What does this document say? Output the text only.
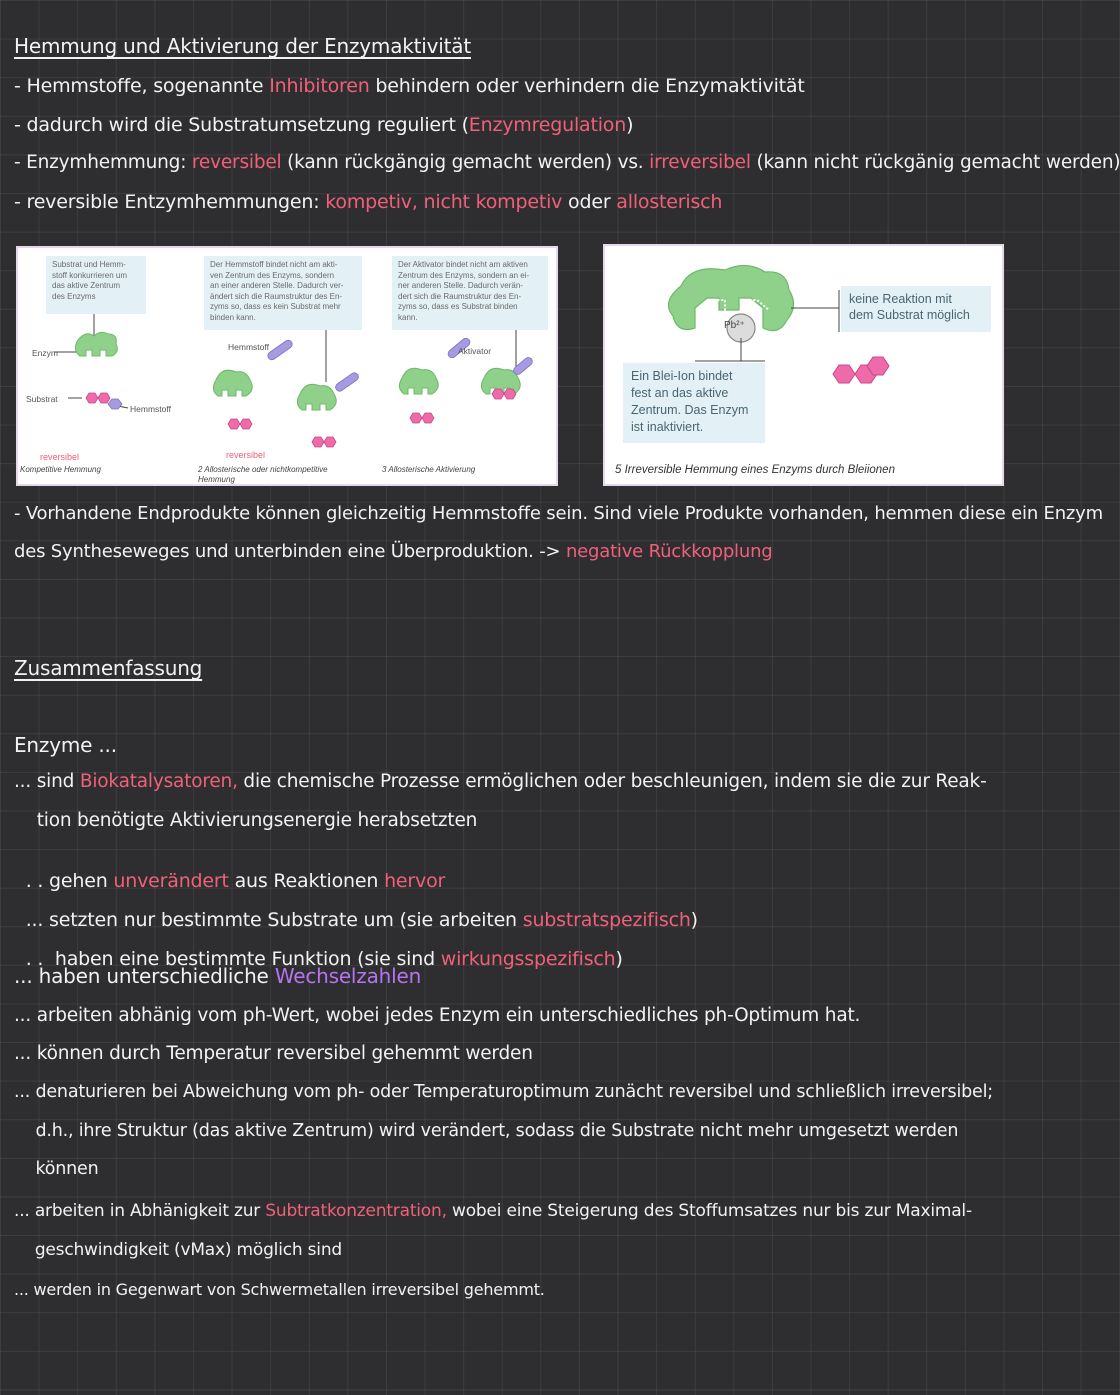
Hemmung und Aktivierung der Enzymaktivität
- Hemmstoffe, sogenannte Inhibitoren behindern oder verhindern die Enzymaktivität
- dadurch wird die Substratumsetzung reguliert (Enzymregulation)
- Enzymhemmung: reversibel (kann rückgängig gemacht werden) vs. irreversibel (kann nicht rückgänig gemacht werden)
- reversible Entzymhemmungen: kompetiv, nicht kompetiv oder allosterisch
Substrat und Hemm-
stoff konkurrieren um
das aktive Zentrum
des Enzyms
Der Hemmstoff bindet nicht am akti-
ven Zentrum des Enzyms, sondern
an einer anderen Stelle. Dadurch ver-
ändert sich die Raumstruktur des En-
zyms so, dass es kein Substrat mehr
binden kann.
Der Aktivator bindet nicht am aktiven
Zentrum des Enzyms, sondern an ei-
ner anderen Stelle. Dadurch verän-
dert sich die Raumstruktur des En-
zyms so, dass es Substrat binden
kann.
Enzym
Substrat
Hemmstoff
Hemmstoff	Aktivator
reversibel	reversibel
Kompetitive Hemmung	2 Allosterische oder nichtkompetitive
Hemmung
3 Allosterische Aktivierung
Pb²⁺
keine Reaktion mit
dem Substrat möglich
Ein Blei-Ion bindet
fest an das aktive
Zentrum. Das Enzym
ist inaktiviert.
5 Irreversible Hemmung eines Enzyms durch Bleiionen
- Vorhandene Endprodukte können gleichzeitig Hemmstoffe sein. Sind viele Produkte vorhanden, hemmen diese ein Enzym
des Syntheseweges und unterbinden eine Überproduktion. -> negative Rückkopplung
Zusammenfassung
Enzyme ...
... sind Biokatalysatoren, die chemische Prozesse ermöglichen oder beschleunigen, indem sie die zur Reak-
tion benötigte Aktivierungsenergie herabsetzten

. . gehen unverändert aus Reaktionen hervor

... setzten nur bestimmte Substrate um (sie arbeiten substratspezifisch)

. .  haben eine bestimmte Funktion (sie sind wirkungsspezifisch)

... haben unterschiedliche Wechselzahlen
... arbeiten abhänig vom ph-Wert, wobei jedes Enzym ein unterschiedliches ph-Optimum hat.
... können durch Temperatur reversibel gehemmt werden
... denaturieren bei Abweichung vom ph- oder Temperaturoptimum zunächt reversibel und schließlich irreversibel;
d.h., ihre Struktur (das aktive Zentrum) wird verändert, sodass die Substrate nicht mehr umgesetzt werden
können
... arbeiten in Abhänigkeit zur Subtratkonzentration, wobei eine Steigerung des Stoffumsatzes nur bis zur Maximal-
geschwindigkeit (vMax) möglich sind
... werden in Gegenwart von Schwermetallen irreversibel gehemmt.
